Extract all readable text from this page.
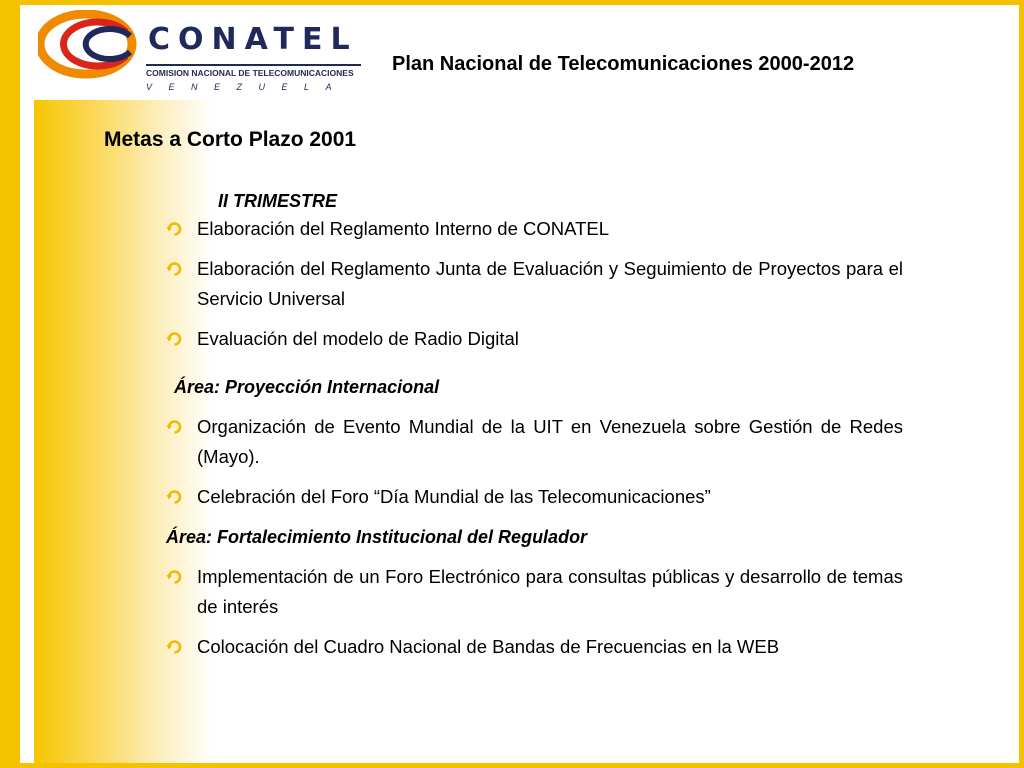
CONATEL
COMISION NACIONAL DE TELECOMUNICACIONES
VENEZUELA
Plan Nacional de Telecomunicaciones 2000-2012
Metas a Corto Plazo 2001

II TRIMESTRE

Elaboración del Reglamento Interno de CONATEL
Elaboración del Reglamento Junta de Evaluación y Seguimiento de Proyectos para el Servicio Universal
Evaluación del modelo de Radio Digital

Área: Proyección Internacional

Organización de Evento Mundial de la UIT en Venezuela sobre Gestión de Redes (Mayo).
Celebración del Foro “Día Mundial de las Telecomunicaciones”

Área: Fortalecimiento Institucional del Regulador

Implementación de un Foro Electrónico para consultas públicas y desarrollo de temas de interés
Colocación del Cuadro Nacional de Bandas de Frecuencias en la WEB
